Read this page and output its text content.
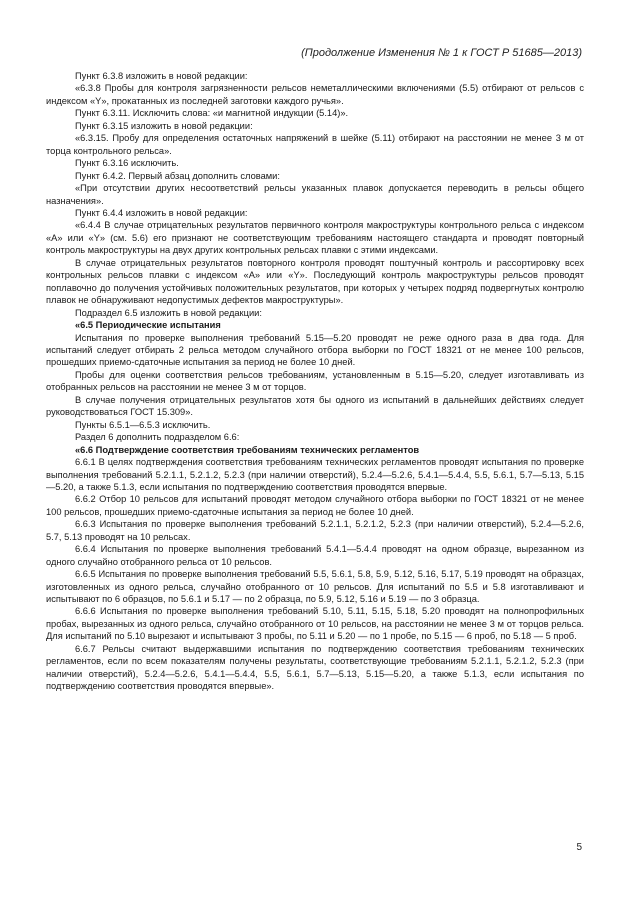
(Продолжение Изменения № 1 к ГОСТ Р 51685—2013)

Пункт 6.3.8 изложить в новой редакции:

«6.3.8 Пробы для контроля загрязненности рельсов неметаллическими включениями (5.5) отбирают от рельсов с индексом «Y», прокатанных из последней заготовки каждого ручья».

Пункт 6.3.11. Исключить слова: «и магнитной индукции (5.14)».

Пункт 6.3.15 изложить в новой редакции:

«6.3.15. Пробу для определения остаточных напряжений в шейке (5.11) отбирают на расстоянии не менее 3 м от торца контрольного рельса».

Пункт 6.3.16 исключить.

Пункт 6.4.2. Первый абзац дополнить словами:

«При отсутствии других несоответствий рельсы указанных плавок допускается переводить в рельсы общего назначения».

Пункт 6.4.4 изложить в новой редакции:

«6.4.4 В случае отрицательных результатов первичного контроля макроструктуры контрольного рельса с индексом «A» или «Y» (см. 5.6) его признают не соответствующим требованиям настоящего стандарта и проводят повторный контроль макроструктуры на двух других контрольных рельсах плавки с этими индексами.

В случае отрицательных результатов повторного контроля проводят поштучный контроль и рассортировку всех контрольных рельсов плавки с индексом «A» или «Y». Последующий контроль макроструктуры рельсов проводят поплавочно до получения устойчивых положительных результатов, при которых у четырех подряд подвергнутых контролю плавок не обнаруживают недопустимых дефектов макроструктуры».

Подраздел 6.5 изложить в новой редакции:

«6.5 Периодические испытания

Испытания по проверке выполнения требований 5.15—5.20 проводят не реже одного раза в два года. Для испытаний следует отбирать 2 рельса методом случайного отбора выборки по ГОСТ 18321 от не менее 100 рельсов, прошедших приемо-сдаточные испытания за период не более 10 дней.

Пробы для оценки соответствия рельсов требованиям, установленным в 5.15—5.20, следует изготавливать из отобранных рельсов на расстоянии не менее 3 м от торцов.

В случае получения отрицательных результатов хотя бы одного из испытаний в дальнейших действиях следует руководствоваться ГОСТ 15.309».

Пункты 6.5.1—6.5.3 исключить.

Раздел 6 дополнить подразделом 6.6:

«6.6 Подтверждение соответствия требованиям технических регламентов

6.6.1 В целях подтверждения соответствия требованиям технических регламентов проводят испытания по проверке выполнения требований 5.2.1.1, 5.2.1.2, 5.2.3 (при наличии отверстий), 5.2.4—5.2.6, 5.4.1—5.4.4, 5.5, 5.6.1, 5.7—5.13, 5.15—5.20, а также 5.1.3, если испытания по подтверждению соответствия проводятся впервые.

6.6.2 Отбор 10 рельсов для испытаний проводят методом случайного отбора выборки по ГОСТ 18321 от не менее 100 рельсов, прошедших приемо-сдаточные испытания за период не более 10 дней.

6.6.3 Испытания по проверке выполнения требований 5.2.1.1, 5.2.1.2, 5.2.3 (при наличии отверстий), 5.2.4—5.2.6, 5.7, 5.13 проводят на 10 рельсах.

6.6.4 Испытания по проверке выполнения требований 5.4.1—5.4.4 проводят на одном образце, вырезанном из одного случайно отобранного рельса от 10 рельсов.

6.6.5 Испытания по проверке выполнения требований 5.5, 5.6.1, 5.8, 5.9, 5.12, 5.16, 5.17, 5.19 проводят на образцах, изготовленных из одного рельса, случайно отобранного от 10 рельсов. Для испытаний по 5.5 и 5.8 изготавливают и испытывают по 6 образцов, по 5.6.1 и 5.17 — по 2 образца, по 5.9, 5.12, 5.16 и 5.19 — по 3 образца.

6.6.6 Испытания по проверке выполнения требований 5.10, 5.11, 5.15, 5.18, 5.20 проводят на полнопрофильных пробах, вырезанных из одного рельса, случайно отобранного от 10 рельсов, на расстоянии не менее 3 м от торцов рельса. Для испытаний по 5.10 вырезают и испытывают 3 пробы, по 5.11 и 5.20 — по 1 пробе, по 5.15 — 6 проб, по 5.18 — 5 проб.

6.6.7 Рельсы считают выдержавшими испытания по подтверждению соответствия требованиям технических регламентов, если по всем показателям получены результаты, соответствующие требованиям 5.2.1.1, 5.2.1.2, 5.2.3 (при наличии отверстий), 5.2.4—5.2.6, 5.4.1—5.4.4, 5.5, 5.6.1, 5.7—5.13, 5.15—5.20, а также 5.1.3, если испытания по подтверждению соответствия проводятся впервые».

5
